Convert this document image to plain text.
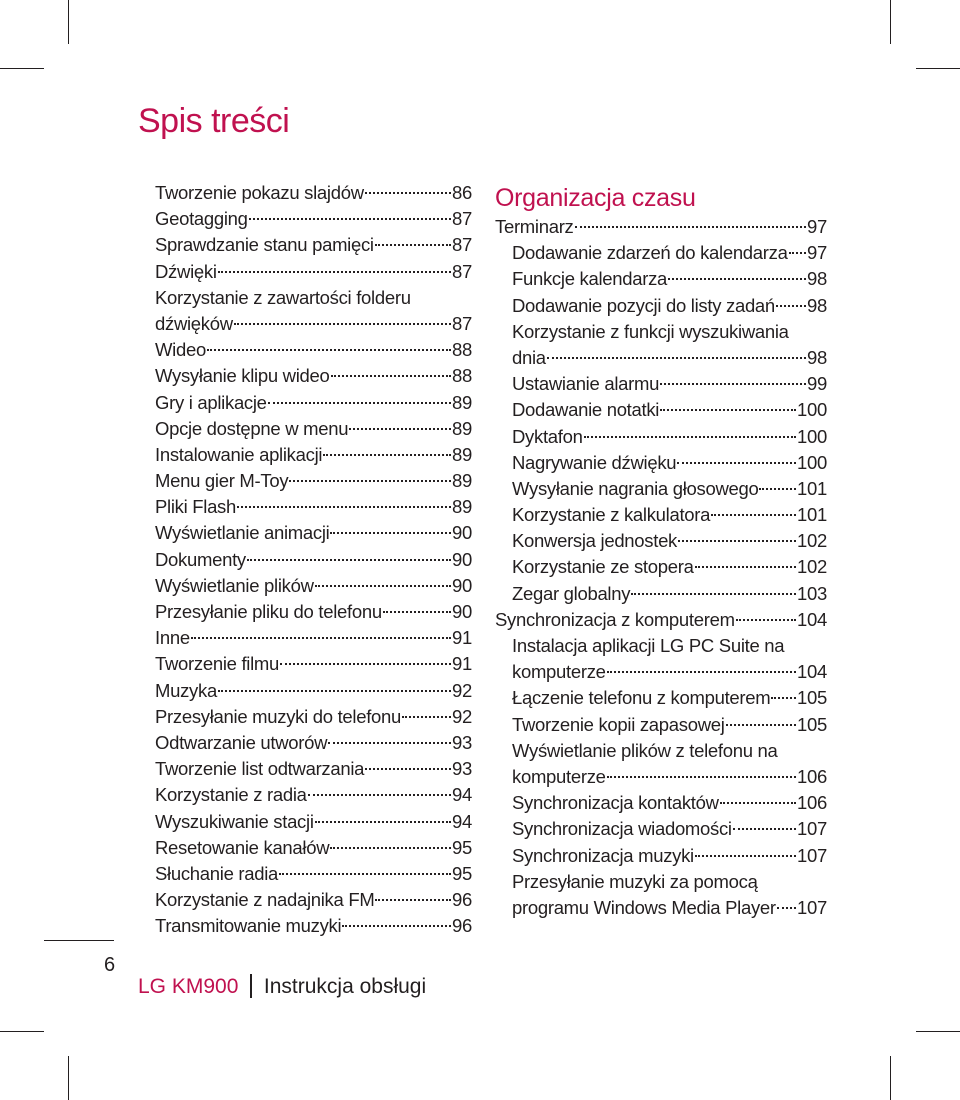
Spis treści
Tworzenie pokazu slajdów	86
Geotagging	87
Sprawdzanie stanu pamięci	87
Dźwięki	87
Korzystanie z zawartości folderu
dźwięków	87
Wideo	88
Wysyłanie klipu wideo	88
Gry i aplikacje	89
Opcje dostępne w menu	89
Instalowanie aplikacji	89
Menu gier M-Toy	89
Pliki Flash	89
Wyświetlanie animacji	90
Dokumenty	90
Wyświetlanie plików	90
Przesyłanie pliku do telefonu	90
Inne	91
Tworzenie filmu	91
Muzyka	92
Przesyłanie muzyki do telefonu	92
Odtwarzanie utworów	93
Tworzenie list odtwarzania	93
Korzystanie z radia	94
Wyszukiwanie stacji	94
Resetowanie kanałów	95
Słuchanie radia	95
Korzystanie z nadajnika FM	96
Transmitowanie muzyki	96
Organizacja czasu
Terminarz	97
Dodawanie zdarzeń do kalendarza 97
Funkcje kalendarza	98
Dodawanie pozycji do listy zadań 98
Korzystanie z funkcji wyszukiwania
dnia	98
Ustawianie alarmu	99
Dodawanie notatki	100
Dyktafon	100
Nagrywanie dźwięku	100
Wysyłanie nagrania głosowego 101
Korzystanie z kalkulatora	101
Konwersja jednostek	102
Korzystanie ze stopera	102
Zegar globalny	103
Synchronizacja z komputerem	104
Instalacja aplikacji LG PC Suite na
komputerze	104
Łączenie telefonu z komputerem 105
Tworzenie kopii zapasowej	105
Wyświetlanie plików z telefonu na
komputerze	106
Synchronizacja kontaktów	106
Synchronizacja wiadomości	107
Synchronizacja muzyki	107
Przesyłanie muzyki za pomocą
programu Windows Media Player 107
6
LG KM900 Instrukcja obsługi
